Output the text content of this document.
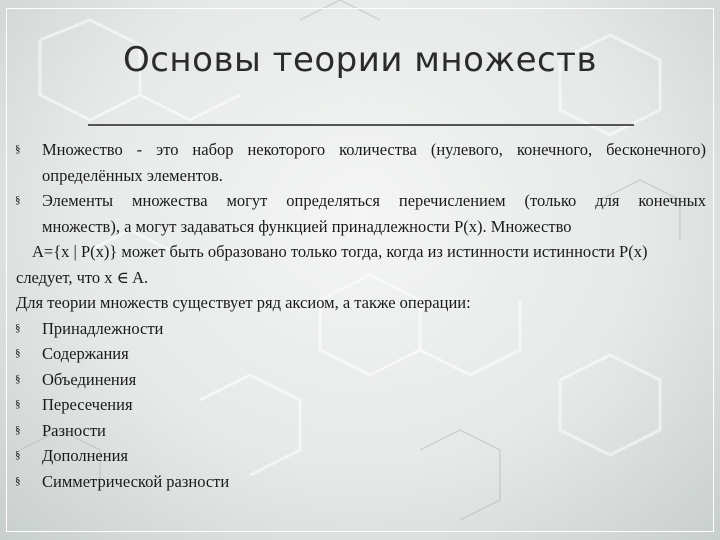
Основы теории множеств
§ Множество - это набор некоторого количества (нулевого, конечного, бесконечного)
определённых элементов.
§ Элементы множества могут определяться перечислением (только для конечных
множеств), а могут задаваться функцией принадлежности P(x). Множество
A={x | P(x)} может быть образовано только тогда, когда из истинности истинности P(x)
следует, что x ∈ A.
Для теории множеств существует ряд аксиом, а также операции:
§ Принадлежности
§ Содержания
§ Объединения
§ Пересечения
§ Разности
§ Дополнения
§ Симметрической разности
